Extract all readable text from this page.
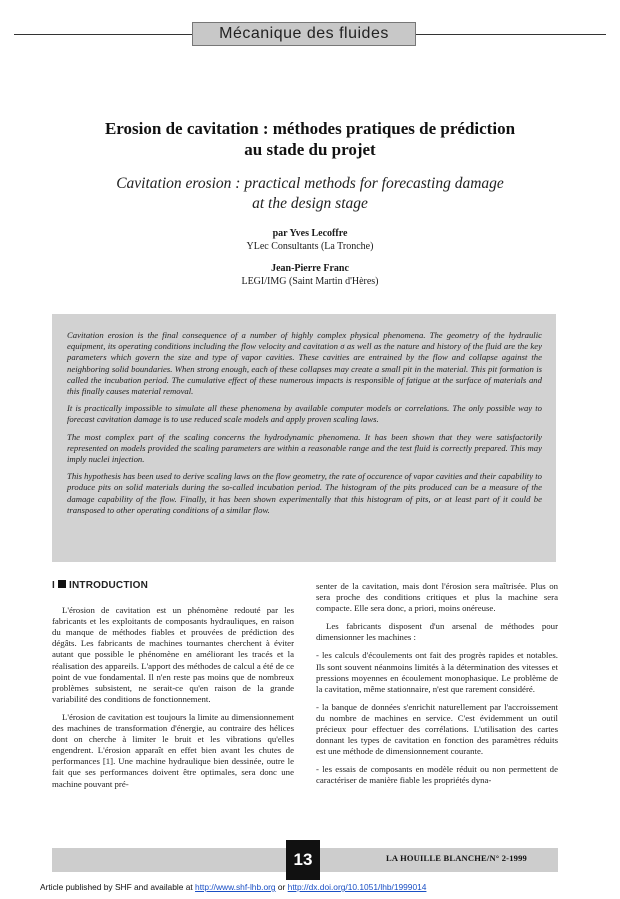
Mécanique des fluides
Erosion de cavitation : méthodes pratiques de prédiction
au stade du projet
Cavitation erosion : practical methods for forecasting damage
at the design stage
par Yves Lecoffre
YLec Consultants (La Tronche)
Jean-Pierre Franc
LEGI/IMG (Saint Martin d'Hères)

Cavitation erosion is the final consequence of a number of highly complex physical phenomena. The geometry of the hydraulic equipment, its operating conditions including the flow velocity and cavitation σ as well as the nature and history of the fluid are the key parameters which govern the size and type of vapor cavities. These cavities are entrained by the flow and collapse against the neighboring solid boundaries. When strong enough, each of these collapses may create a small pit in the material. This pit formation is called the incubation period. The cumulative effect of these numerous impacts is responsible of fatigue at the surface of materials and this finally causes material removal.

It is practically impossible to simulate all these phenomena by available computer models or correlations. The only possible way to forecast cavitation damage is to use reduced scale models and apply proven scaling laws.

The most complex part of the scaling concerns the hydrodynamic phenomena. It has been shown that they were satisfactorily represented on models provided the scaling parameters are within a reasonable range and the test fluid is correctly prepared. This may imply nuclei injection.

This hypothesis has been used to derive scaling laws on the flow geometry, the rate of occurence of vapor cavities and their capability to produce pits on solid materials during the so-called incubation period. The histogram of the pits produced can be a measure of the damage capability of the flow. Finally, it has been shown experimentally that this histogram of pits, or at least part of it could be transposed to other operating conditions of a similar flow.

I INTRODUCTION

L'érosion de cavitation est un phénomène redouté par les fabricants et les exploitants de composants hydrauliques, en raison du manque de méthodes fiables et prouvées de prédiction des dégâts. Les fabricants de machines tournantes cherchent à éviter autant que possible le phénomène en améliorant les tracés et la réalisation des appareils. L'apport des méthodes de calcul a été de ce point de vue fondamental. Il n'en reste pas moins que de nombreux problèmes subsistent, ne serait-ce qu'en raison de la grande variabilité des conditions de fonctionnement.

L'érosion de cavitation est toujours la limite au dimensionnement des machines de transformation d'énergie, au contraire des hélices dont on cherche à limiter le bruit et les vibrations qu'elles engendrent. L'érosion apparaît en effet bien avant les chutes de performances [1]. Une machine hydraulique bien dessinée, outre le fait que ses performances doivent être optimales, sera donc une machine pouvant pré-

senter de la cavitation, mais dont l'érosion sera maîtrisée. Plus on sera proche des conditions critiques et plus la machine sera compacte. Elle sera donc, a priori, moins onéreuse.

Les fabricants disposent d'un arsenal de méthodes pour dimensionner les machines :

- les calculs d'écoulements ont fait des progrès rapides et notables. Ils sont souvent néanmoins limités à la détermination des vitesses et pressions moyennes en écoulement monophasique. Le problème de la cavitation, même stationnaire, n'est que rarement considéré.

- la banque de données s'enrichit naturellement par l'accroissement du nombre de machines en service. C'est évidemment un outil précieux pour effectuer des corrélations. L'utilisation des cartes donnant les types de cavitation en fonction des paramètres réduits est une méthode de dimensionnement courante.

- les essais de composants en modèle réduit ou non permettent de caractériser de manière fiable les propriétés dyna-

13	LA HOUILLE BLANCHE/N° 2-1999
Article published by SHF and available at http://www.shf-lhb.org or http://dx.doi.org/10.1051/lhb/1999014
